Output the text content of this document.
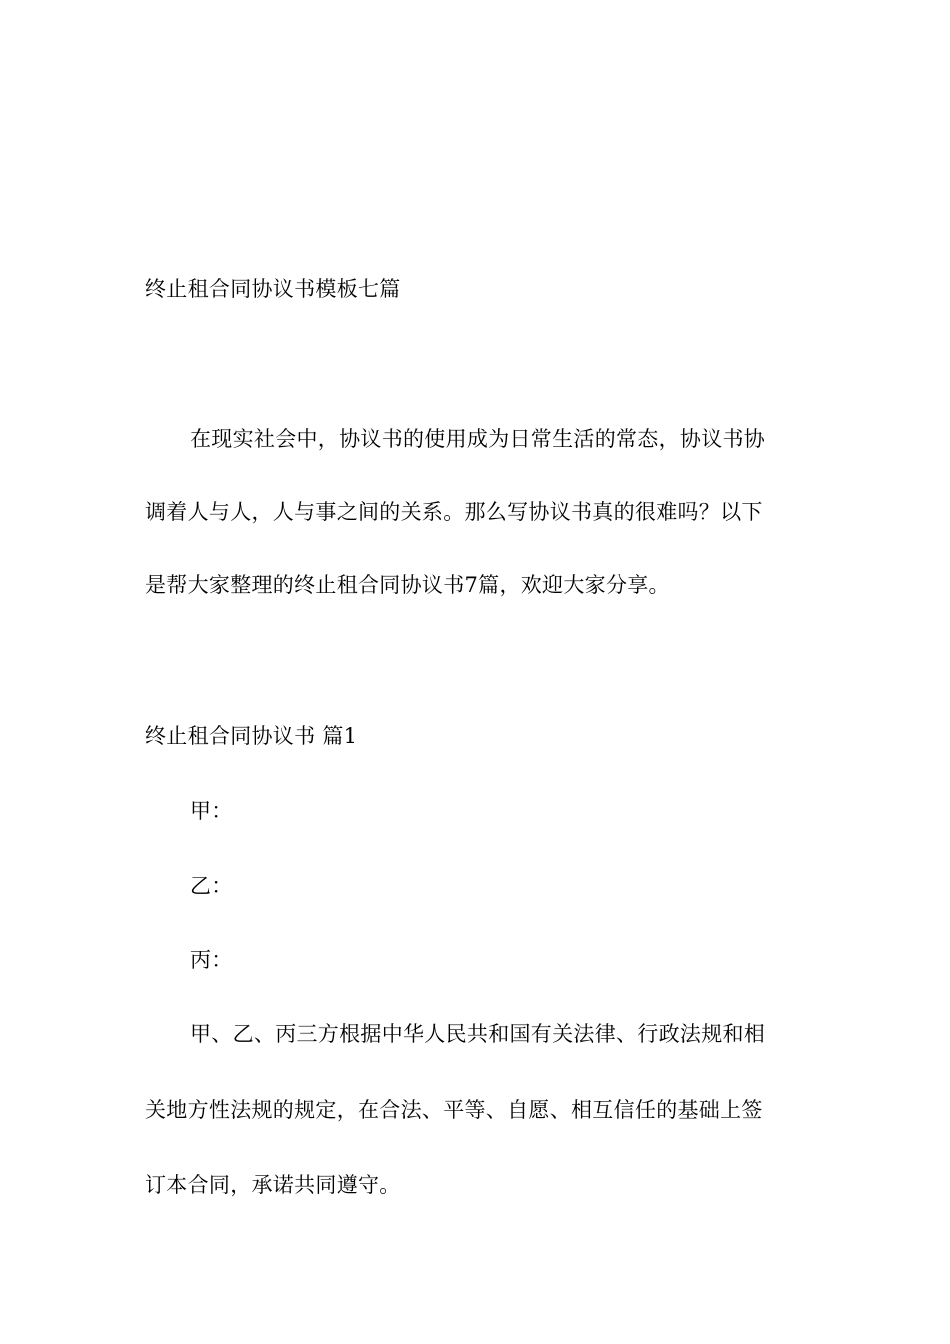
终止租合同协议书模板七篇
在现实社会中，协议书的使用成为日常生活的常态，协议书协
调着人与人，人与事之间的关系。那么写协议书真的很难吗？以下
是帮大家整理的终止租合同协议书7篇，欢迎大家分享。
终止租合同协议书 篇1
甲：
乙：
丙：
甲、乙、丙三方根据中华人民共和国有关法律、行政法规和相
关地方性法规的规定，在合法、平等、自愿、相互信任的基础上签
订本合同，承诺共同遵守。
